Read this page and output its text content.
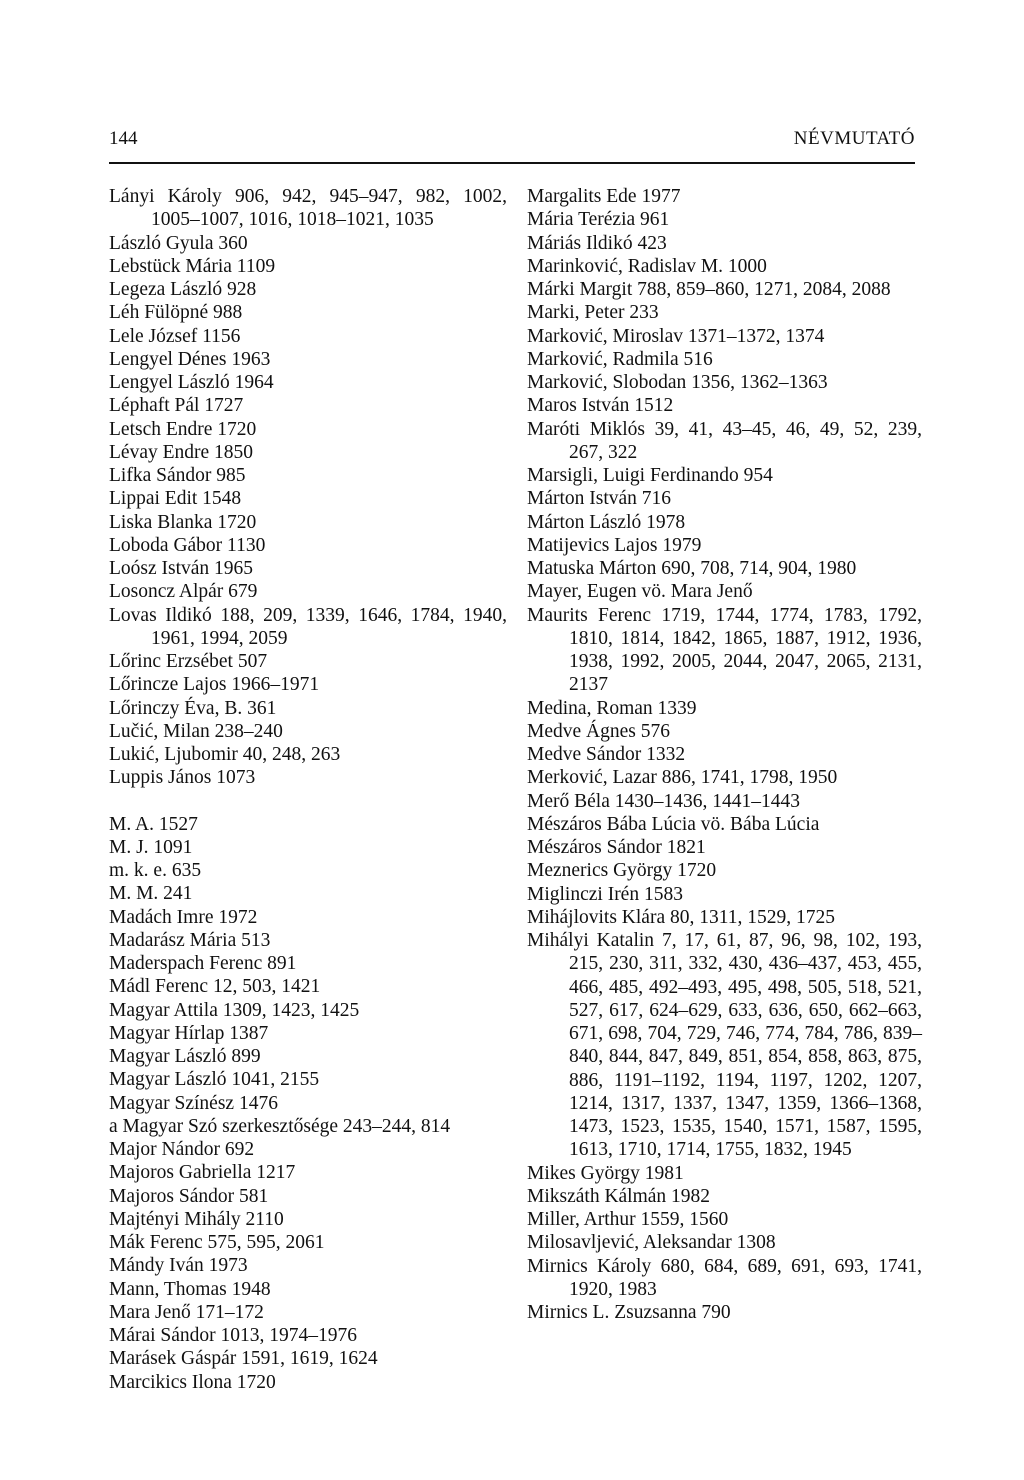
144	NÉVMUTATÓ
Lányi Károly 906, 942, 945–947, 982, 1002, 1005–1007, 1016, 1018–1021, 1035
László Gyula 360
Lebstück Mária 1109
Legeza László 928
Léh Fülöpné 988
Lele József 1156
Lengyel Dénes 1963
Lengyel László 1964
Léphaft Pál 1727
Letsch Endre 1720
Lévay Endre 1850
Lifka Sándor 985
Lippai Edit 1548
Liska Blanka 1720
Loboda Gábor 1130
Loósz István 1965
Losoncz Alpár 679
Lovas Ildikó 188, 209, 1339, 1646, 1784, 1940, 1961, 1994, 2059
Lőrinc Erzsébet 507
Lőrincze Lajos 1966–1971
Lőrinczy Éva, B. 361
Lučić, Milan 238–240
Lukić, Ljubomir 40, 248, 263
Luppis János 1073
M. A. 1527
M. J. 1091
m. k. e. 635
M. M. 241
Madách Imre 1972
Madarász Mária 513
Maderspach Ferenc 891
Mádl Ferenc 12, 503, 1421
Magyar Attila 1309, 1423, 1425
Magyar Hírlap 1387
Magyar László 899
Magyar László 1041, 2155
Magyar Színész 1476
a Magyar Szó szerkesztősége 243–244, 814
Major Nándor 692
Majoros Gabriella 1217
Majoros Sándor 581
Majtényi Mihály 2110
Mák Ferenc 575, 595, 2061
Mándy Iván 1973
Mann, Thomas 1948
Mara Jenő 171–172
Márai Sándor 1013, 1974–1976
Marásek Gáspár 1591, 1619, 1624
Marcikics Ilona 1720
Margalits Ede 1977
Mária Terézia 961
Máriás Ildikó 423
Marinković, Radislav M. 1000
Márki Margit 788, 859–860, 1271, 2084, 2088
Marki, Peter 233
Marković, Miroslav 1371–1372, 1374
Marković, Radmila 516
Marković, Slobodan 1356, 1362–1363
Maros István 1512
Maróti Miklós 39, 41, 43–45, 46, 49, 52, 239, 267, 322
Marsigli, Luigi Ferdinando 954
Márton István 716
Márton László 1978
Matijevics Lajos 1979
Matuska Márton 690, 708, 714, 904, 1980
Mayer, Eugen vö. Mara Jenő
Maurits Ferenc 1719, 1744, 1774, 1783, 1792, 1810, 1814, 1842, 1865, 1887, 1912, 1936, 1938, 1992, 2005, 2044, 2047, 2065, 2131, 2137
Medina, Roman 1339
Medve Ágnes 576
Medve Sándor 1332
Merković, Lazar 886, 1741, 1798, 1950
Merő Béla 1430–1436, 1441–1443
Mészáros Bába Lúcia vö. Bába Lúcia
Mészáros Sándor 1821
Meznerics György 1720
Miglinczi Irén 1583
Mihájlovits Klára 80, 1311, 1529, 1725
Mihályi Katalin 7, 17, 61, 87, 96, 98, 102, 193, 215, 230, 311, 332, 430, 436–437, 453, 455, 466, 485, 492–493, 495, 498, 505, 518, 521, 527, 617, 624–629, 633, 636, 650, 662–663, 671, 698, 704, 729, 746, 774, 784, 786, 839–840, 844, 847, 849, 851, 854, 858, 863, 875, 886, 1191–1192, 1194, 1197, 1202, 1207, 1214, 1317, 1337, 1347, 1359, 1366–1368, 1473, 1523, 1535, 1540, 1571, 1587, 1595, 1613, 1710, 1714, 1755, 1832, 1945
Mikes György 1981
Mikszáth Kálmán 1982
Miller, Arthur 1559, 1560
Milosavljević, Aleksandar 1308
Mirnics Károly 680, 684, 689, 691, 693, 1741, 1920, 1983
Mirnics L. Zsuzsanna 790
